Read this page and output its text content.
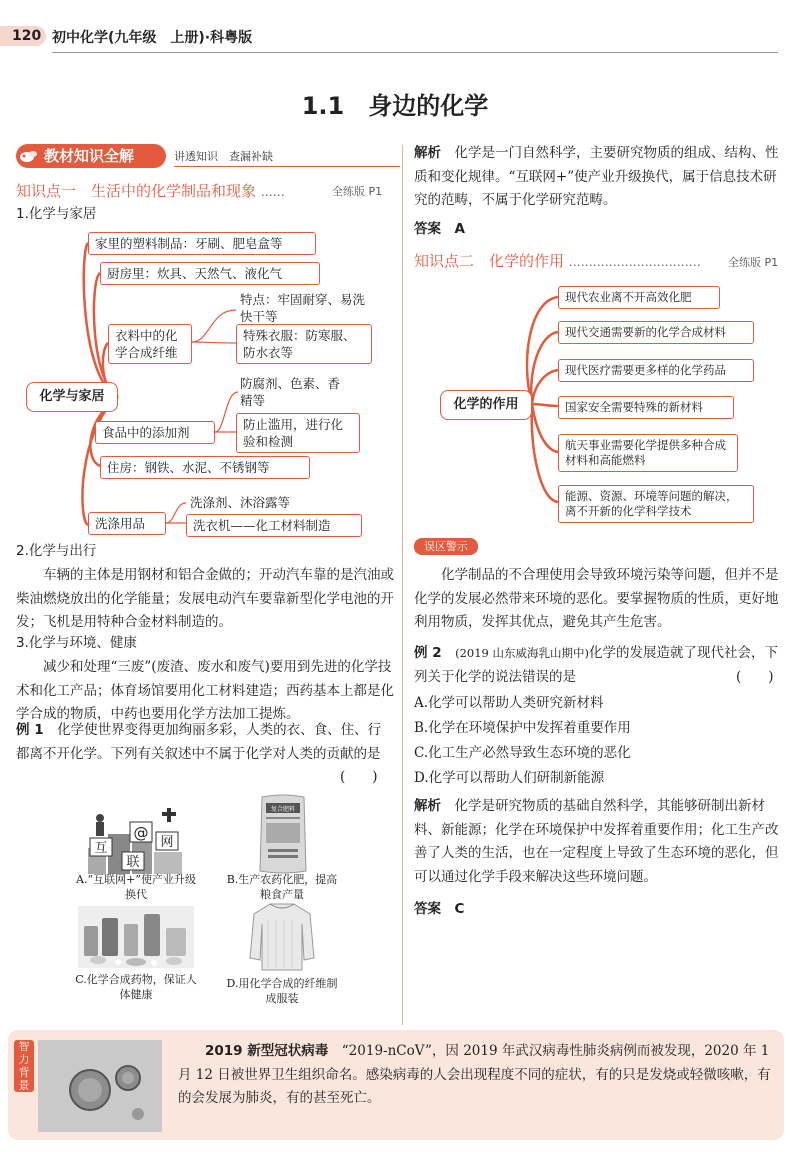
120 初中化学(九年级　上册)·科粤版
1.1　身边的化学
教材知识全解	讲透知识　查漏补缺
知识点一　生活中的化学制品和现象 ……	全练版 P1
1.化学与家居
化学与家居
家里的塑料制品：牙刷、肥皂盒等
厨房里：炊具、天然气、液化气
衣料中的化学合成纤维
特点：牢固耐穿、易洗快干等
特殊衣服：防寒服、防水衣等
食品中的添加剂
防腐剂、色素、香精等
防止滥用，进行化验和检测
住房：钢铁、水泥、不锈钢等
洗涤用品
洗涤剂、沐浴露等
洗衣机——化工材料制造
2.化学与出行
车辆的主体是用钢材和铝合金做的；开动汽车靠的是汽油或柴油燃烧放出的化学能量；发展电动汽车要靠新型化学电池的开发；飞机是用特种合金材料制造的。
3.化学与环境、健康
减少和处理“三废”(废渣、废水和废气)要用到先进的化学技术和化工产品；体育场馆要用化工材料建造；西药基本上都是化学合成的物质，中药也要用化学方法加工提炼。
例 1　 化学使世界变得更加绚丽多彩，人类的衣、食、住、行都离不开化学。下列有关叙述中不属于化学对人类的贡献的是
(　　)
互
联
@
网
A.“互联网+”使产业升级换代
复合肥料
B.生产农药化肥，提高粮食产量
C.化学合成药物，保证人体健康
D.用化学合成的纤维制成服装
解析　 化学是一门自然科学，主要研究物质的组成、结构、性质和变化规律。“互联网+”使产业升级换代，属于信息技术研究的范畴，不属于化学研究范畴。
答案　 A
知识点二　化学的作用 …………………………… 全练版 P1
化学的作用
现代农业离不开高效化肥
现代交通需要新的化学合成材料
现代医疗需要更多样的化学药品
国家安全需要特殊的新材料
航天事业需要化学提供多种合成材料和高能燃料
能源、资源、环境等问题的解决，离不开新的化学科学技术
误区警示
化学制品的不合理使用会导致环境污染等问题，但并不是化学的发展必然带来环境的恶化。要掌握物质的性质，更好地利用物质，发挥其优点，避免其产生危害。
例 2　 (2019 山东威海乳山期中)化学的发展造就了现代社会，下列关于化学的说法错误的是	(　　)
A.化学可以帮助人类研究新材料
B.化学在环境保护中发挥着重要作用
C.化工生产必然导致生态环境的恶化
D.化学可以帮助人们研制新能源
解析　 化学是研究物质的基础自然科学，其能够研制出新材料、新能源；化学在环境保护中发挥着重要作用；化工生产改善了人类的生活，也在一定程度上导致了生态环境的恶化，但可以通过化学手段来解决这些环境问题。
答案　 C
智力背景
2019 新型冠状病毒　 “2019-nCoV”，因 2019 年武汉病毒性肺炎病例而被发现，2020 年 1 月 12 日被世界卫生组织命名。感染病毒的人会出现程度不同的症状，有的只是发烧或轻微咳嗽，有的会发展为肺炎，有的甚至死亡。
